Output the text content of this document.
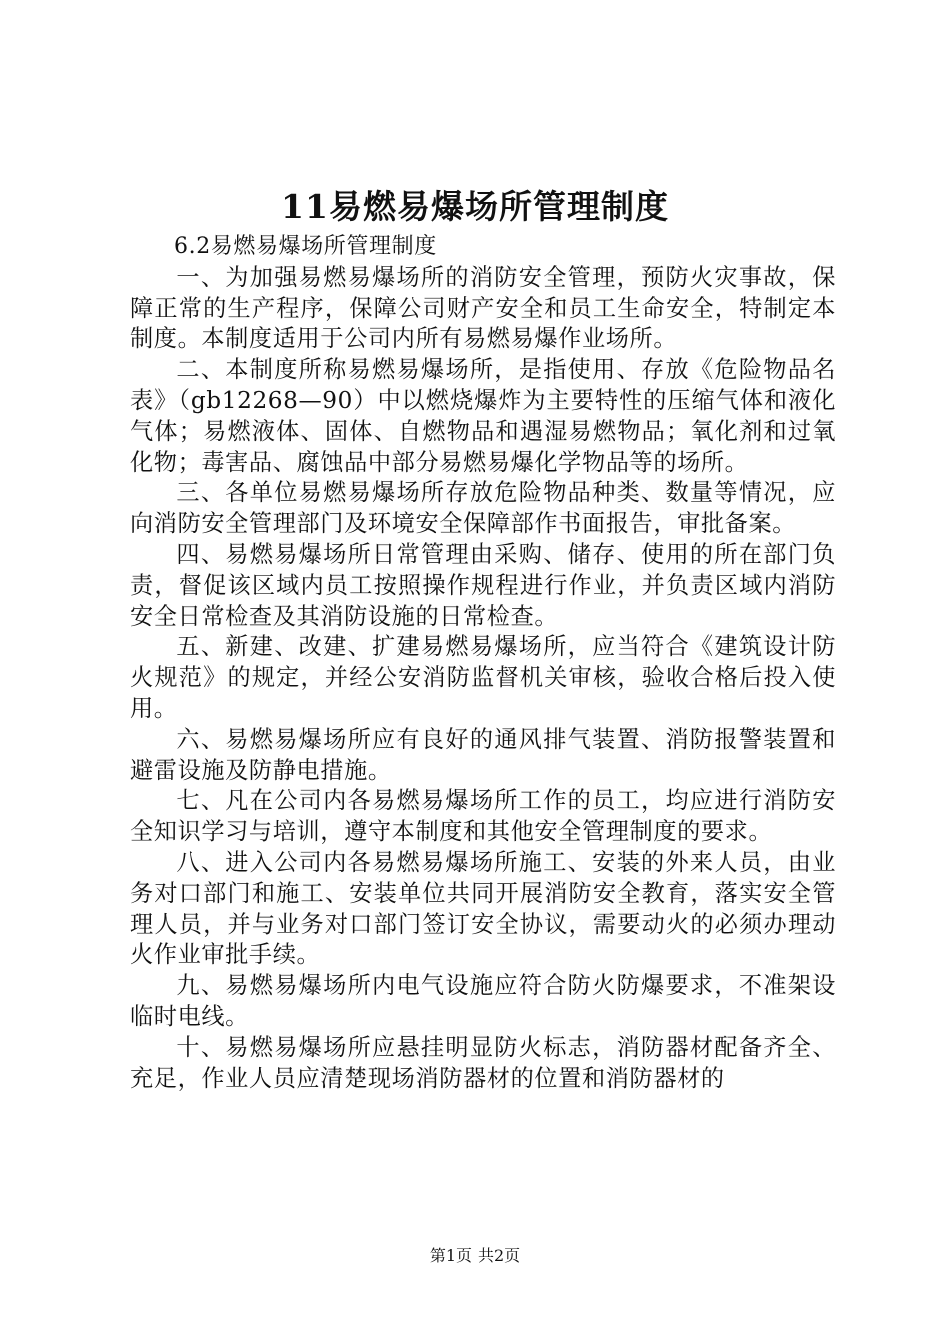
11易燃易爆场所管理制度

6.2易燃易爆场所管理制度

一、为加强易燃易爆场所的消防安全管理，预防火灾事故，保障正常的生产程序，保障公司财产安全和员工生命安全，特制定本制度。本制度适用于公司内所有易燃易爆作业场所。

二、本制度所称易燃易爆场所，是指使用、存放《危险物品名表》（gb12268—90）中以燃烧爆炸为主要特性的压缩气体和液化气体；易燃液体、固体、自燃物品和遇湿易燃物品；氧化剂和过氧化物；毒害品、腐蚀品中部分易燃易爆化学物品等的场所。

三、各单位易燃易爆场所存放危险物品种类、数量等情况，应向消防安全管理部门及环境安全保障部作书面报告，审批备案。

四、易燃易爆场所日常管理由采购、储存、使用的所在部门负责，督促该区域内员工按照操作规程进行作业，并负责区域内消防安全日常检查及其消防设施的日常检查。

五、新建、改建、扩建易燃易爆场所，应当符合《建筑设计防火规范》的规定，并经公安消防监督机关审核，验收合格后投入使用。

六、易燃易爆场所应有良好的通风排气装置、消防报警装置和避雷设施及防静电措施。

七、凡在公司内各易燃易爆场所工作的员工，均应进行消防安全知识学习与培训，遵守本制度和其他安全管理制度的要求。

八、进入公司内各易燃易爆场所施工、安装的外来人员，由业务对口部门和施工、安装单位共同开展消防安全教育，落实安全管理人员，并与业务对口部门签订安全协议，需要动火的必须办理动火作业审批手续。

九、易燃易爆场所内电气设施应符合防火防爆要求，不准架设临时电线。

十、易燃易爆场所应悬挂明显防火标志，消防器材配备齐全、充足，作业人员应清楚现场消防器材的位置和消防器材的

第1页 共2页
